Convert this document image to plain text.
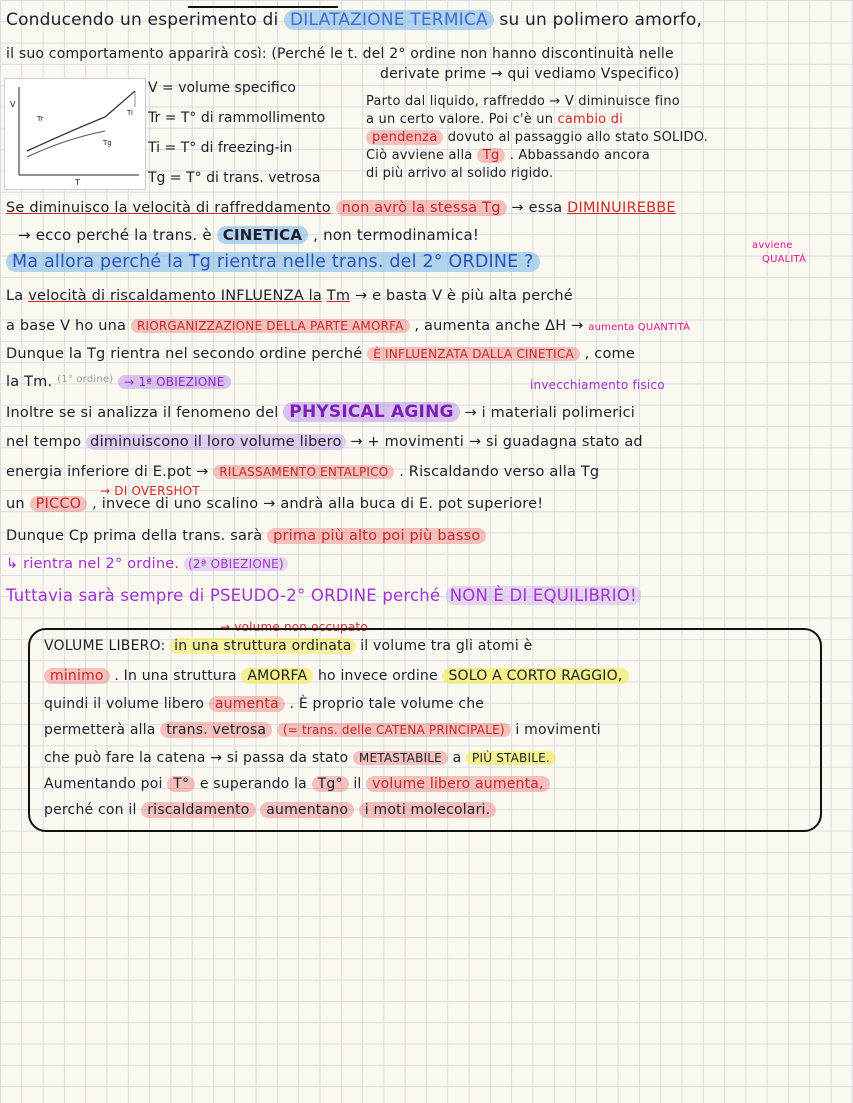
Conducendo un esperimento di DILATAZIONE TERMICA su un polimero amorfo,
il suo comportamento apparirà così: (Perché le t. del 2° ordine non hanno discontinuità nelle
derivate prime → qui vediamo Vspecifico)
V
T
Tr
Ti
Tg
V = volume specifico
Tr = T° di rammollimento
Ti = T° di freezing-in
Tg = T° di trans. vetrosa
Parto dal liquido, raffreddo → V diminuisce fino
a un certo valore. Poi c'è un cambio di
pendenza dovuto al passaggio allo stato SOLIDO.
Ciò avviene alla Tg . Abbassando ancora
di più arrivo al solido rigido.
Se diminuisco la velocità di raffreddamento non avrò la stessa Tg → essa DIMINUIREBBE
→ ecco perché la trans. è CINETICA , non termodinamica!
avviene
QUALITÀ
Ma allora perché la Tg rientra nelle trans. del 2° ORDINE ?
La velocità di riscaldamento INFLUENZA la Tm → e basta V è più alta perché
a base V ho una RIORGANIZZAZIONE DELLA PARTE AMORFA , aumenta anche ΔH → aumenta QUANTITÀ
Dunque la Tg rientra nel secondo ordine perché È INFLUENZATA DALLA CINETICA , come
la Tm. $^{(1^\circ ordine)}$ → 1ª OBIEZIONE	invecchiamento fisico
Inoltre se si analizza il fenomeno del PHYSICAL AGING → i materiali polimerici
nel tempo diminuiscono il loro volume libero → + movimenti → si guadagna stato ad
energia inferiore di E.pot → RILASSAMENTO ENTALPICO . Riscaldando verso alla Tg
→ DI OVERSHOT
un PICCO , invece di uno scalino → andrà alla buca di E. pot superiore!
Dunque Cp prima della trans. sarà prima più alto poi più basso
↳ rientra nel 2° ordine. (2ª OBIEZIONE)
Tuttavia sarà sempre di PSEUDO-2° ORDINE perché NON È DI EQUILIBRIO!
→ volume non occupato
VOLUME LIBERO: in una struttura ordinata il volume tra gli atomi è
minimo . In una struttura AMORFA ho invece ordine SOLO A CORTO RAGGIO,
quindi il volume libero aumenta . È proprio tale volume che
permetterà alla trans. vetrosa (= trans. delle CATENA PRINCIPALE) i movimenti
che può fare la catena → si passa da stato METASTABILE a PIÙ STABILE.
Aumentando poi T° e superando la Tg° il volume libero aumenta,
perché con il riscaldamento aumentano i moti molecolari.
